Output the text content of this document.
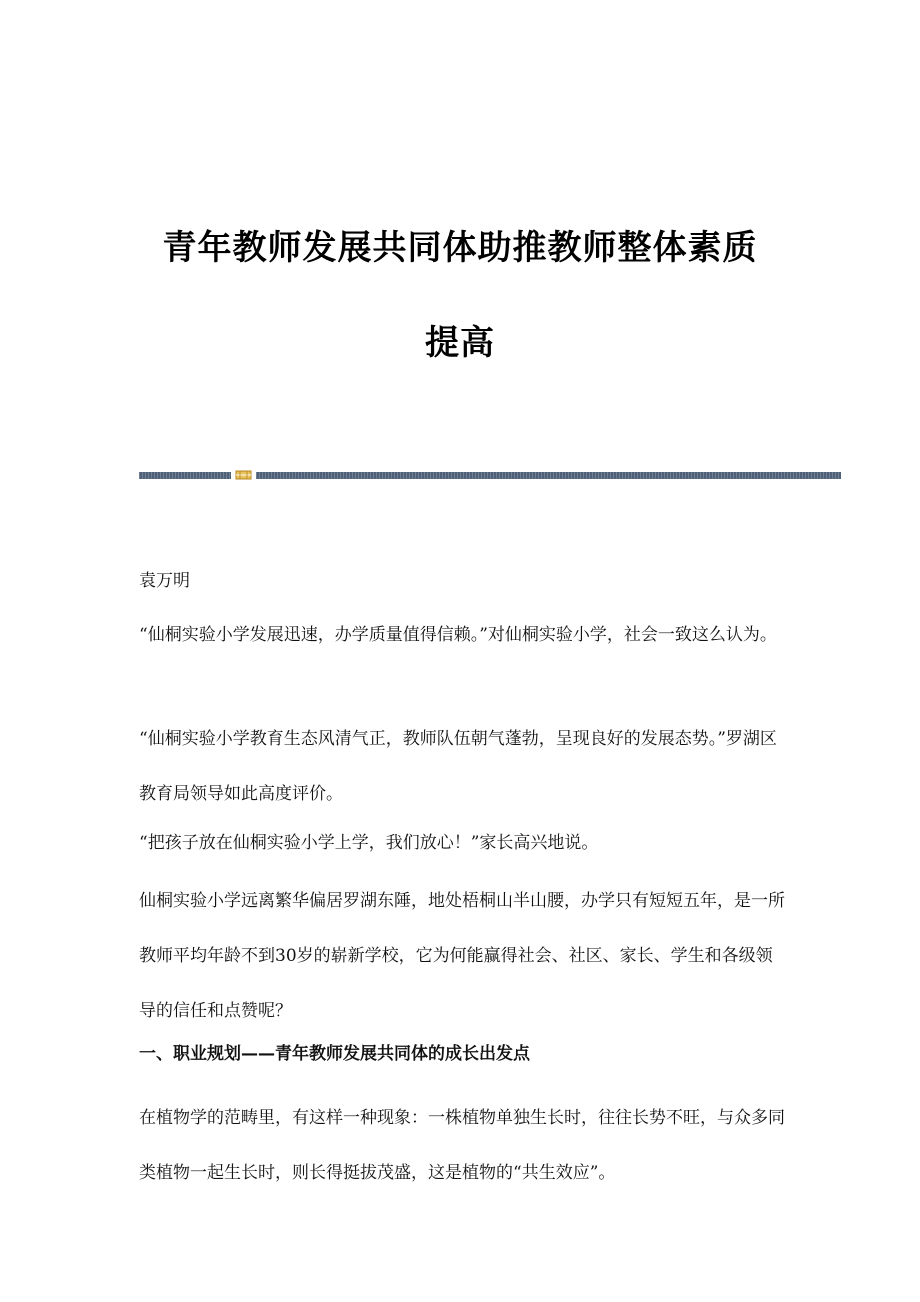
青年教师发展共同体助推教师整体素质
提高

袁万明

“仙桐实验小学发展迅速，办学质量值得信赖。”对仙桐实验小学，社会一致这么认为。

“仙桐实验小学教育生态风清气正，教师队伍朝气蓬勃，呈现良好的发展态势。”罗湖区教育局领导如此高度评价。

“把孩子放在仙桐实验小学上学，我们放心！”家长高兴地说。

仙桐实验小学远离繁华偏居罗湖东陲，地处梧桐山半山腰，办学只有短短五年，是一所教师平均年龄不到30岁的崭新学校，它为何能赢得社会、社区、家长、学生和各级领导的信任和点赞呢？

一、职业规划——青年教师发展共同体的成长出发点

在植物学的范畴里，有这样一种现象：一株植物单独生长时，往往长势不旺，与众多同类植物一起生长时，则长得挺拔茂盛，这是植物的“共生效应”。
